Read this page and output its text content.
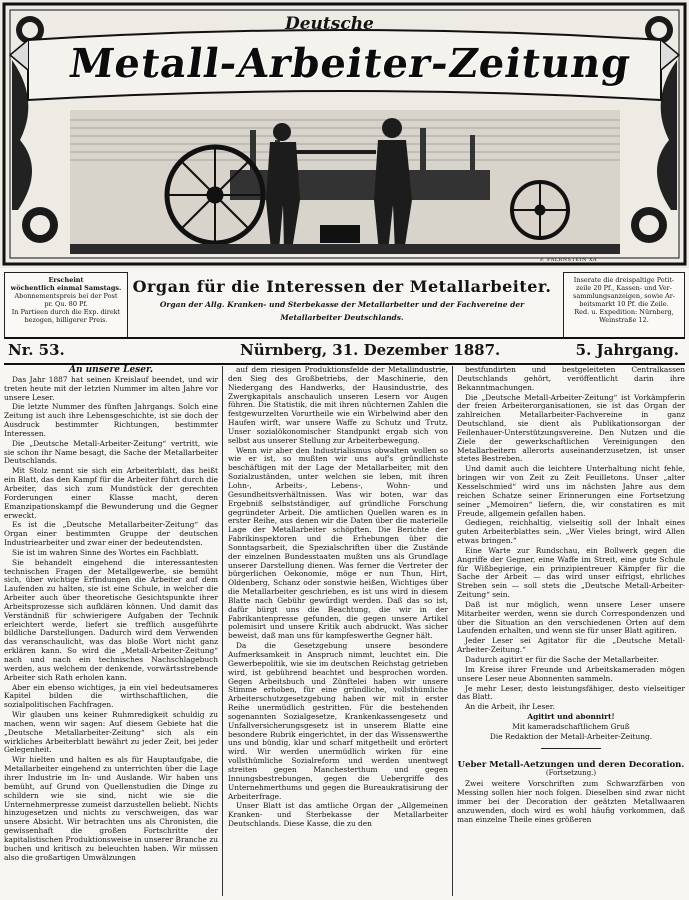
Deutsche
Metall-Arbeiter-Zeitung
P. FALRNSTEIN XA
Erscheint
wöchentlich einmal Samstags.
Abonnementspreis bei der Post
pr. Qu. 80 Pf.
In Partieen durch die Exp. direkt
bezogen, billigerer Preis.
Inserate die dreispaltige Petit-
zeile 20 Pf., Kassen- und Ver-
sammlungsanzeigen, sowie Ar-
beitsmarkt 10 Pf. die Zeile.
Red. u. Expedition: Nürnberg,
Weinstraße 12.
Organ für die Interessen der Metallarbeiter.
Organ der Allg. Kranken- und Sterbekasse der Metallarbeiter und der Fachvereine der
Metallarbeiter Deutschlands.
Nr. 53.	Nürnberg, 31. Dezember 1887.	5. Jahrgang.

An unsere Leser.

Das Jahr 1887 hat seinen Kreislauf beendet, und wir treten heute mit der letzten Nummer im alten Jahre vor unsere Leser.

Die letzte Nummer des fünften Jahrgangs. Solch eine Zeitung ist auch ihre Lebensgeschichte, ist sie doch der Ausdruck bestimmter Richtungen, bestimmter Interessen.

Die „Deutsche Metall-Arbeiter-Zeitung“ vertritt, wie sie schon ihr Name besagt, die Sache der Metallarbeiter Deutschlands.

Mit Stolz nennt sie sich ein Arbeiterblatt, das heißt ein Blatt, das den Kampf für die Arbeiter führt durch die Arbeiter, das sich zum Mundstück der gerechten Forderungen einer Klasse macht, deren Emanzipationskampf die Bewunderung und die Gegner erweckt.

Es ist die „Deutsche Metallarbeiter-Zeitung“ das Organ einer bestimmten Gruppe der deutschen Industriearbeiter und zwar einer der bedeutendsten.

Sie ist im wahren Sinne des Wortes ein Fachblatt.

Sie behandelt eingehend die interessantesten technischen Fragen der Metallgewerbe, sie bemüht sich, über wichtige Erfindungen die Arbeiter auf dem Laufenden zu halten, sie ist eine Schule, in welcher die Arbeiter auch über theoretische Gesichtspunkte ihrer Arbeitsprozesse sich aufklären können. Und damit das Verständniß für schwierigere Aufgaben der Technik erleichtert werde, liefert sie trefflich ausgeführte bildliche Darstellungen. Dadurch wird dem Verwenden das veranschaulicht, was das bloße Wort nicht ganz erklären kann. So wird die „Metall-Arbeiter-Zeitung“ nach und nach ein technisches Nachschlagebuch werden, aus welchem der denkende, vorwärtsstrebende Arbeiter sich Rath erholen kann.

Aber ein ebenso wichtiges, ja ein viel bedeutsameres Kapitel bilden die wirthschaftlichen, die sozialpolitischen Fachfragen.

Wir glauben uns keiner Ruhmredigkeit schuldig zu machen, wenn wir sagen: Auf diesem Gebiete hat die „Deutsche Metallarbeiter-Zeitung“ sich als ein wirkliches Arbeiterblatt bewährt zu jeder Zeit, bei jeder Gelegenheit.

Wir hielten und halten es als für Hauptaufgabe, die Metallarbeiter eingehend zu unterrichten über die Lage ihrer Industrie im In- und Auslande. Wir haben uns bemüht, auf Grund von Quellenstudien die Dinge zu schildern wie sie sind, nicht wie sie die Unternehmerpresse zumeist darzustellen beliebt. Nichts hinzugesetzen und nichts zu verschweigen, das war unsere Absicht. Wir betrachten uns als Chronisten, die gewissenhaft die großen Fortschritte der kapitalistischen Produktionsweise in unserer Branche zu buchen und kritisch zu beleuchten haben. Wir müssen also die großartigen Umwälzungen

auf dem riesigen Produktionsfelde der Metallindustrie, den Sieg des Großbetriebs, der Maschinerie, den Niedergang des Handwerks, der Hausindustrie, des Zwergkapitals anschaulich unseren Lesern vor Augen führen. Die Statistik, die mit ihren nüchternen Zahlen die festgewurzelten Vorurtheile wie ein Wirbelwind aber den Haufen wirft, war unsere Waffe zu Schutz und Trutz. Unser sozialökonomischer Standpunkt ergab sich von selbst aus unserer Stellung zur Arbeiterbewegung.

Wenn wir aber den Industrialismus obwalten wollen so wie er ist, so mußten wir uns auf's gründlichste beschäftigen mit der Lage der Metallarbeiter, mit den Sozialzuständen, unter welchen sie leben, mit ihren Lohn-, Arbeits-, Lebens-, Wohn- und Gesundheitsverhältnissen. Was wir boten, war das Ergebniß selbstständiger, auf gründliche Forschung gegründeter Arbeit. Die amtlichen Quellen waren es in erster Reihe, aus denen wir die Daten über die materielle Lage der Metallarbeiter schöpften. Die Berichte der Fabrikinspektoren und die Erhebungen über die Sonntagsarbeit, die Spezialschriften über die Zustände der einzelnen Bundesstaaten mußten uns als Grundlage unserer Darstellung dienen. Was ferner die Vertreter der bürgerlichen Oekonomie, möge er nun Thun, Hirt, Oldenberg, Schanz oder sonstwie heißen, Wichtiges über die Metallarbeiter geschrieben, es ist uns wird in diesem Blatte nach Gebühr gewürdigt werden. Daß das so ist, dafür bürgt uns die Beachtung, die wir in der Fabrikantenpresse gefunden, die gegen unsere Artikel polemisirt und unsere Kritik auch abdruckt. Was sicher beweist, daß man uns für kampfeswerthe Gegner hält.

Da die Gesetzgebung unsere besondere Aufmerksamkeit in Anspruch nimmt, leuchtet ein. Die Gewerbepolitik, wie sie im deutschen Reichstag getrieben wird, ist gebührend beachtet und besprochen worden. Gegen Arbeitsbuch und Zünftelei haben wir unsere Stimme erhoben, für eine gründliche, vollsthümliche Arbeiterschutzgesetzgebung haben wir mit in erster Reihe unermüdlich gestritten. Für die bestehenden sogenannten Sozialgesetze, Krankenkassengesetz und Unfallversicherungsgesetz ist in unserem Blatte eine besondere Rubrik eingerichtet, in der das Wissenswerthe uns und bündig, klar und scharf mitgetheilt und erörtert wird. Wir werden unermüdlich wirken für eine vollsthümliche Sozialreform und werden unentwegt streiten gegen Manchesterthum und gegen Innungsbestrebungen, gegen die Uebergriffe des Unternehmerthums und gegen die Bureaukratisirung der Arbeiterfrage.

Unser Blatt ist das amtliche Organ der „Allgemeinen Kranken- und Sterbekasse der Metallarbeiter Deutschlands. Diese Kasse, die zu den

bestfundirten und bestgeleiteten Centralkassen Deutschlands gehört, veröffentlicht darin ihre Bekanntmachungen.

Die „Deutsche Metall-Arbeiter-Zeitung“ ist Vorkämpferin der freien Arbeiterorganisationen, sie ist das Organ der zahlreichen Metallarbeiter-Fachvereine in ganz Deutschland, sie dient als Publikationsorgan der Feilenhauer-Unterstützungsvereine. Den Nutzen und die Ziele der gewerkschaftlichen Vereinigungen den Metallarbeitern allerorts auseinanderzusetzen, ist unser stetes Bestreben.

Und damit auch die leichtere Unterhaltung nicht fehle, bringen wir von Zeit zu Zeit Feuilletons. Unser „alter Kesselschmied“ wird uns im nächsten Jahre aus dem reichen Schatze seiner Erinnerungen eine Fortsetzung seiner „Memoiren“ liefern, die, wir constatiren es mit Freude, allgemein gefallen haben.

Gediegen, reichhaltig, vielseitig soll der Inhalt eines guten Arbeiterblattes sein. „Wer Vieles bringt, wird Allen etwas bringen.“

Eine Warte zur Rundschau, ein Bollwerk gegen die Angriffe der Gegner, eine Waffe im Streit, eine gute Schule für Wißbegierige, ein prinzipientreuer Kämpfer für die Sache der Arbeit — das wird unser eifrigst, ehrliches Streben sein — soll stets die „Deutsche Metall-Arbeiter-Zeitung“ sein.

Daß ist nur möglich, wenn unsere Leser unsere Mitarbeiter werden, wenn sie durch Correspondenzen und über die Situation an den verschiedenen Orten auf dem Laufenden erhalten, und wenn sie für unser Blatt agitiren.

Jeder Leser sei Agitator für die „Deutsche Metall-Arbeiter-Zeitung.“

Dadurch agitirt er für die Sache der Metallarbeiter.

Im Kreise ihrer Freunde und Arbeitskameraden mögen unsere Leser neue Abonnenten sammeln.

Je mehr Leser, desto leistungsfähiger, desto vielseitiger das Blatt.

An die Arbeit, ihr Leser.

Agitirt und abonnirt!

Mit kameradschaftlichem Gruß

Die Redaktion der Metall-Arbeiter-Zeitung.

Ueber Metall-Aetzungen und deren Decoration.
(Fortsetzung.)

Zwei weitere Vorschriften zum Schwarzfärben von Messing sollen hier noch folgen. Dieselben sind zwar nicht immer bei der Decoration der geätzten Metallwaaren anzuwenden, doch wird es wohl häufig vorkommen, daß man einzelne Theile eines größeren
